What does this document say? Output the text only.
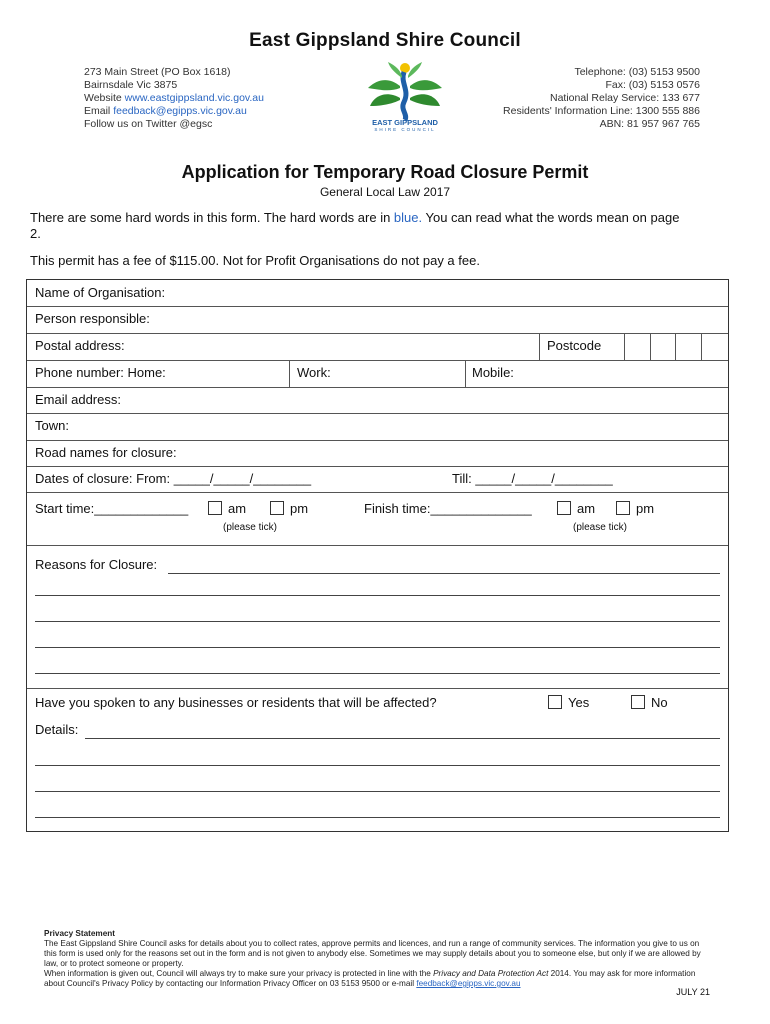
East Gippsland Shire Council
273 Main Street (PO Box 1618)
Bairnsdale Vic 3875
Website www.eastgippsland.vic.gov.au
Email feedback@egipps.vic.gov.au
Follow us on Twitter @egsc	EAST GIPPSLAND
SHIRE COUNCIL
Telephone: (03) 5153 9500
Fax: (03) 5153 0576
National Relay Service: 133 677
Residents' Information Line: 1300 555 886
ABN: 81 957 967 765
Application for Temporary Road Closure Permit
General Local Law 2017
There are some hard words in this form. The hard words are in blue. You can read what the words mean on page 2.
This permit has a fee of $115.00. Not for Profit Organisations do not pay a fee.
Name of Organisation:
Person responsible:
Postal address:	Postcode
Phone number: Home:	Work:	Mobile:
Email address:
Town:
Road names for closure:
Dates of closure: From: _____/_____/________	Till: _____/_____/________
Start time:_____________	am	pm
(please tick)
Finish time:______________	am	pm
(please tick)
Reasons for Closure:
Have you spoken to any businesses or residents that will be affected?	Yes	No
Details:
Privacy Statement
The East Gippsland Shire Council asks for details about you to collect rates, approve permits and licences, and run a range of community services. The information you give to us on this form is used only for the reasons set out in the form and is not given to anybody else. Sometimes we may supply details about you to someone else, but only if we are allowed by law, or to protect someone or property.
When information is given out, Council will always try to make sure your privacy is protected in line with the Privacy and Data Protection Act 2014. You may ask for more information about Council's Privacy Policy by contacting our Information Privacy Officer on 03 5153 9500 or e-mail feedback@egipps.vic.gov.au
JULY 21
